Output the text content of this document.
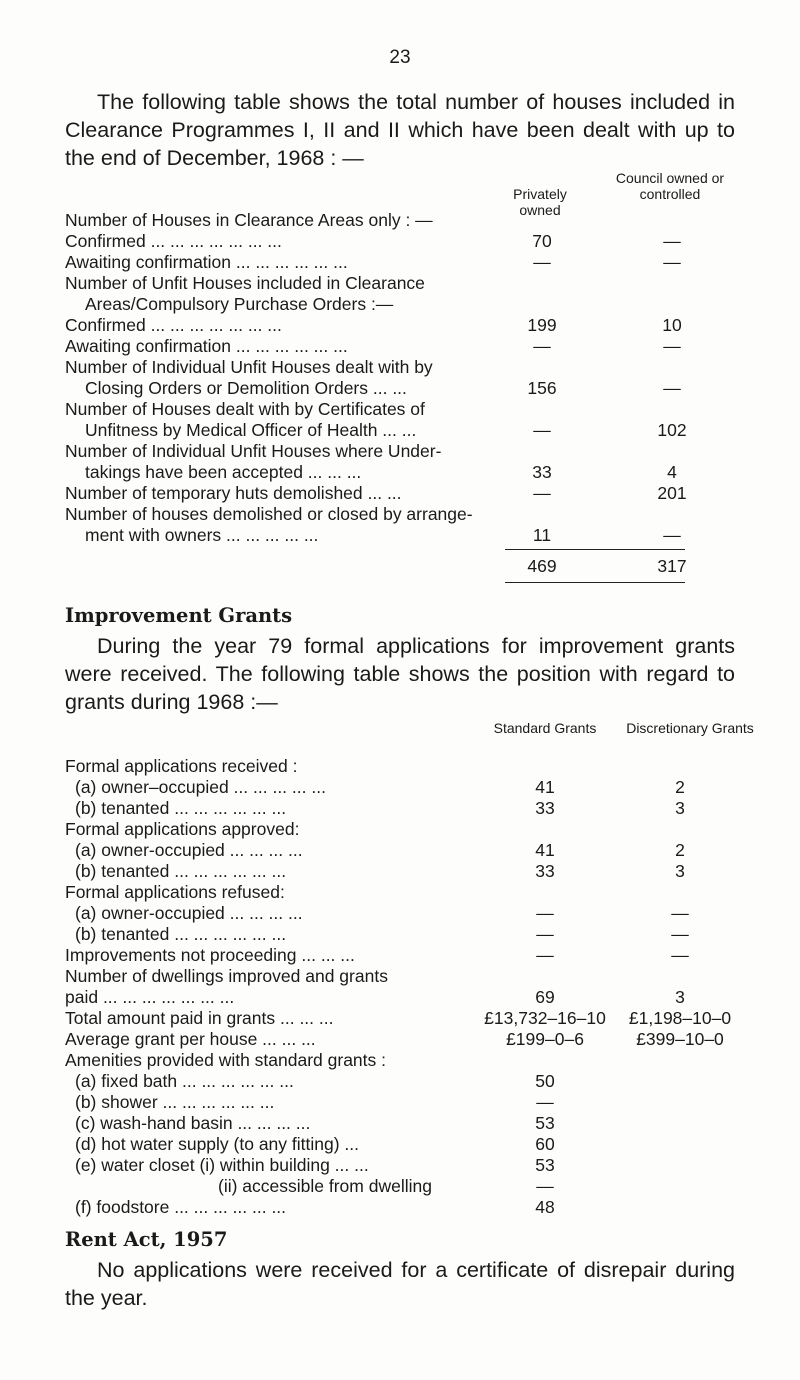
23
The following table shows the total number of houses included in Clearance Programmes I, II and II which have been dealt with up to the end of December, 1968 : —
Privately owned
Council owned or controlled
Number of Houses in Clearance Areas only : —
Confirmed ... ... ... ... ... ... ...	70	—
Awaiting confirmation ... ... ... ... ... ...	—	—
Number of Unfit Houses included in Clearance
Areas/Compulsory Purchase Orders :—
Confirmed ... ... ... ... ... ... ...	199	10
Awaiting confirmation ... ... ... ... ... ...	—	—
Number of Individual Unfit Houses dealt with by
Closing Orders or Demolition Orders ... ...	156	—
Number of Houses dealt with by Certificates of
Unfitness by Medical Officer of Health ... ...	—	102
Number of Individual Unfit Houses where Under-
takings have been accepted ... ... ...	33	4
Number of temporary huts demolished ... ...	—	201
Number of houses demolished or closed by arrange-
ment with owners ... ... ... ... ...	11	—
469	317
Improvement Grants
During the year 79 formal applications for improvement grants were received. The following table shows the position with regard to grants during 1968 :—
Standard Grants Discretionary Grants
Formal applications received :
(a) owner–occupied ... ... ... ... ...	41	2
(b) tenanted ... ... ... ... ... ...	33	3
Formal applications approved:
(a) owner-occupied ... ... ... ...	41	2
(b) tenanted ... ... ... ... ... ...	33	3
Formal applications refused:
(a) owner-occupied ... ... ... ...	—	—
(b) tenanted ... ... ... ... ... ...	—	—
Improvements not proceeding ... ... ...	—	—
Number of dwellings improved and grants
paid ... ... ... ... ... ... ...	69	3
Total amount paid in grants ... ... ...	£13,732–16–10	£1,198–10–0
Average grant per house ... ... ...	£199–0–6	£399–10–0
Amenities provided with standard grants :
(a) fixed bath ... ... ... ... ... ...	50
(b) shower ... ... ... ... ... ...	—
(c) wash-hand basin ... ... ... ...	53
(d) hot water supply (to any fitting) ...	60
(e) water closet (i) within building ... ...	53
(ii) accessible from dwelling	—
(f) foodstore ... ... ... ... ... ...	48
Rent Act, 1957
No applications were received for a certificate of disrepair during the year.
